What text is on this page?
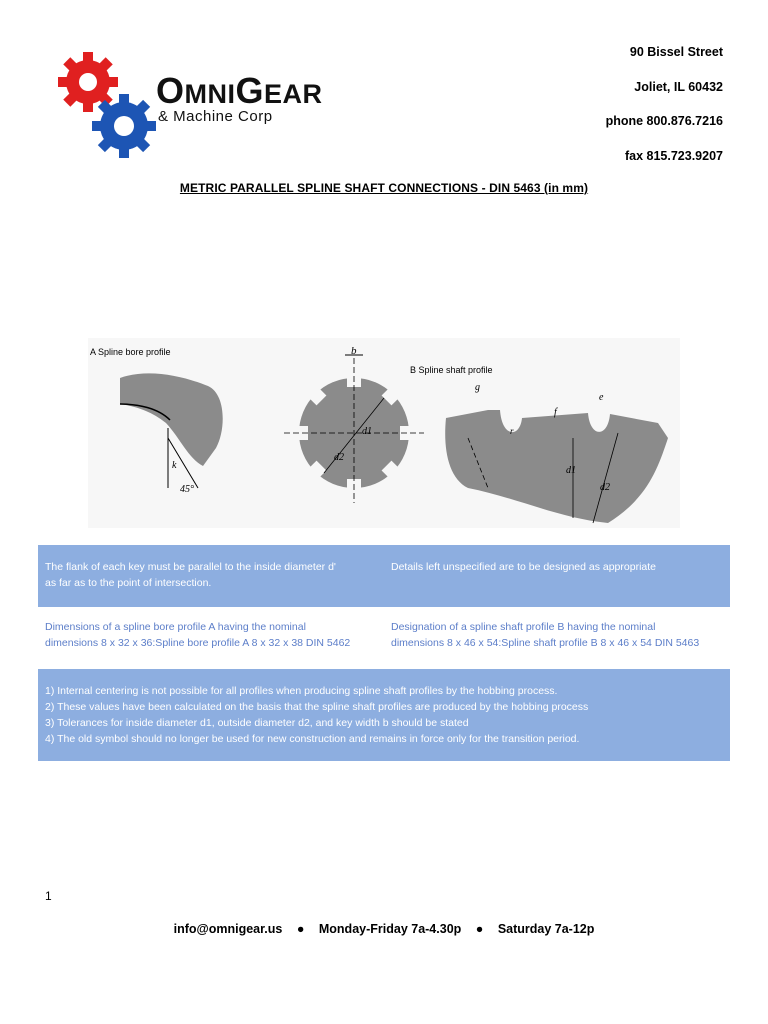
OMNIGEAR
& Machine Corp
90 Bissel Street
Joliet, IL 60432
phone 800.876.7216
fax 815.723.9207
METRIC PARALLEL SPLINE SHAFT CONNECTIONS - DIN 5463 (in mm)
A Spline bore profile
k
45°
b
d1
d2
B Spline shaft profile
g
r
f
e
d1
d2
The flank of each key must be parallel to the inside diameter d'
as far as to the point of intersection.
Details left unspecified are to be designed as appropriate
Dimensions of a spline bore profile A having the nominal
dimensions 8 x 32 x 36:Spline bore profile A 8 x 32 x 38 DIN 5462
Designation of a spline shaft profile B having the nominal
dimensions 8 x 46 x 54:Spline shaft profile B 8 x 46 x 54 DIN 5463
1) Internal centering is not possible for all profiles when producing spline shaft profiles by the hobbing process.
2) These values have been calculated on the basis that the spline shaft profiles are produced by the hobbing process
3) Tolerances for inside diameter d1, outside diameter d2, and key width b should be stated
4) The old symbol should no longer be used for new construction and remains in force only for the transition period.
1
info@omnigear.us ● Monday-Friday 7a-4.30p ● Saturday 7a-12p
